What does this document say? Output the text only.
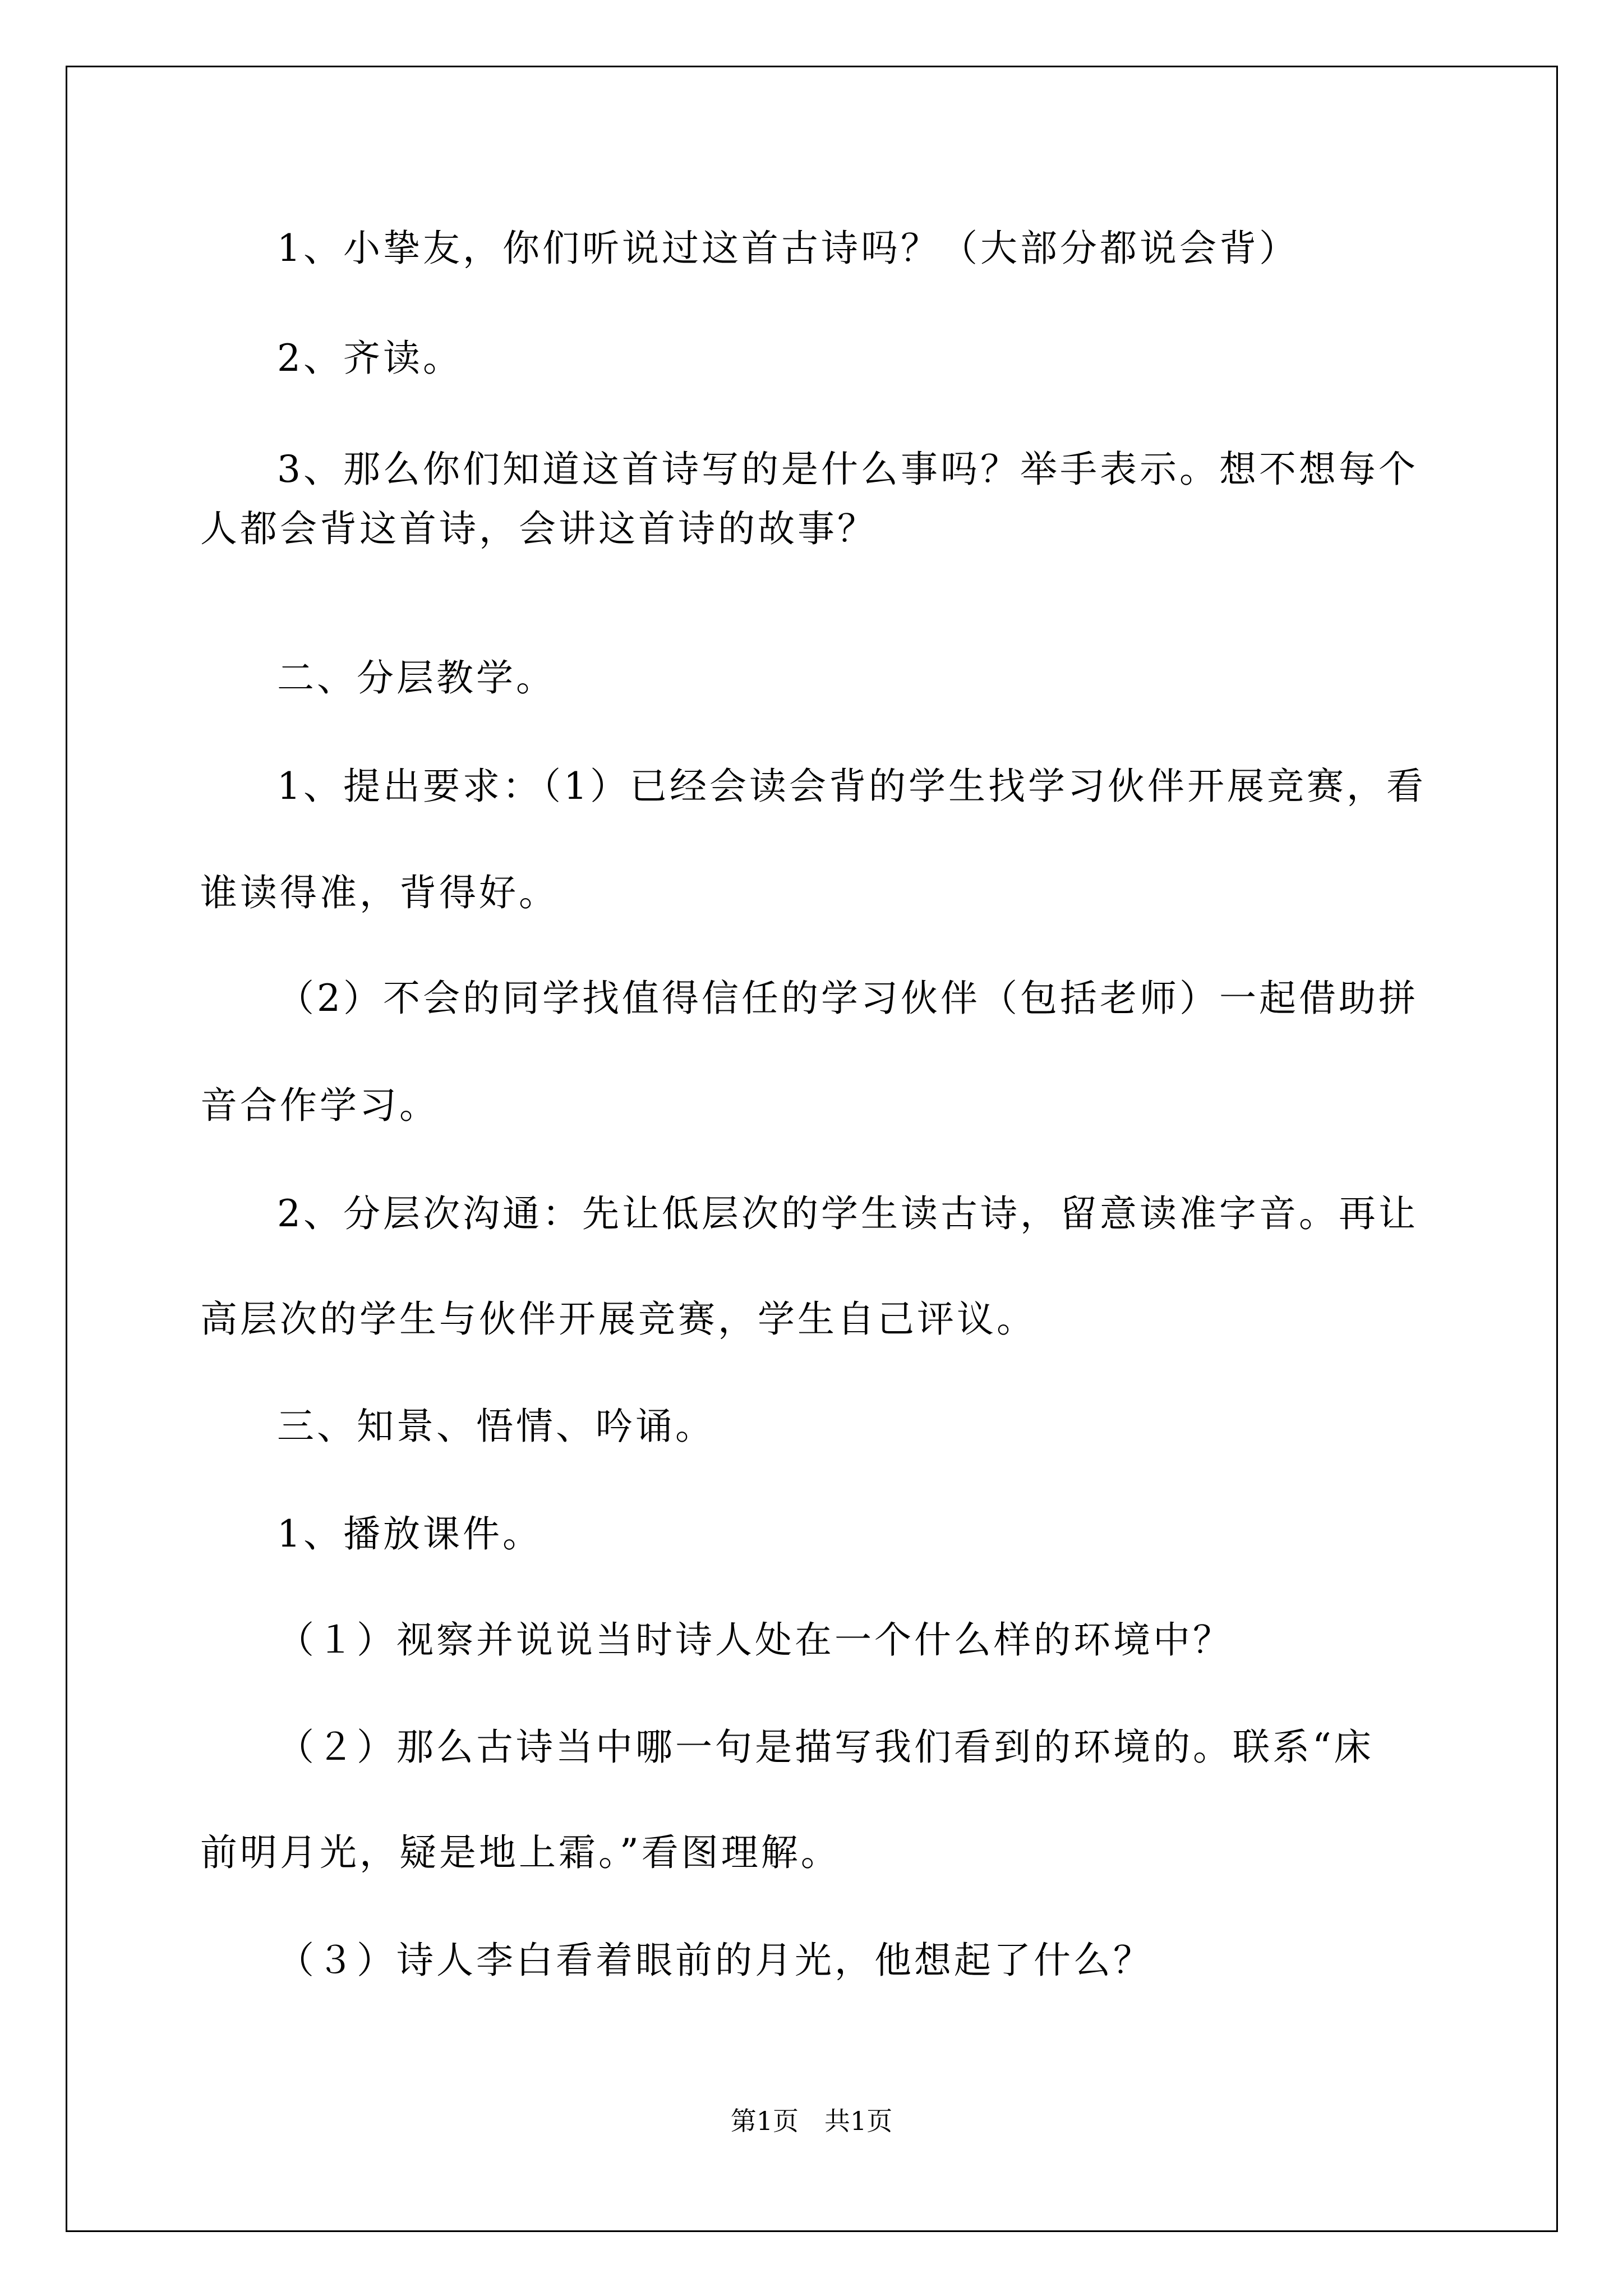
1、小挚友，你们听说过这首古诗吗？（大部分都说会背）
2、齐读。
3、那么你们知道这首诗写的是什么事吗？举手表示。想不想每个
人都会背这首诗，会讲这首诗的故事？
二、分层教学。
1、提出要求：（1）已经会读会背的学生找学习伙伴开展竞赛，看
谁读得准，背得好。
（2）不会的同学找值得信任的学习伙伴（包括老师）一起借助拼
音合作学习。
2、分层次沟通：先让低层次的学生读古诗，留意读准字音。再让
高层次的学生与伙伴开展竞赛，学生自己评议。
三、知景、悟情、吟诵。
1、播放课件。
（１）视察并说说当时诗人处在一个什么样的环境中？
（２）那么古诗当中哪一句是描写我们看到的环境的。联系“床
前明月光，疑是地上霜。”看图理解。
（３）诗人李白看着眼前的月光，他想起了什么？
第1页 共1页
